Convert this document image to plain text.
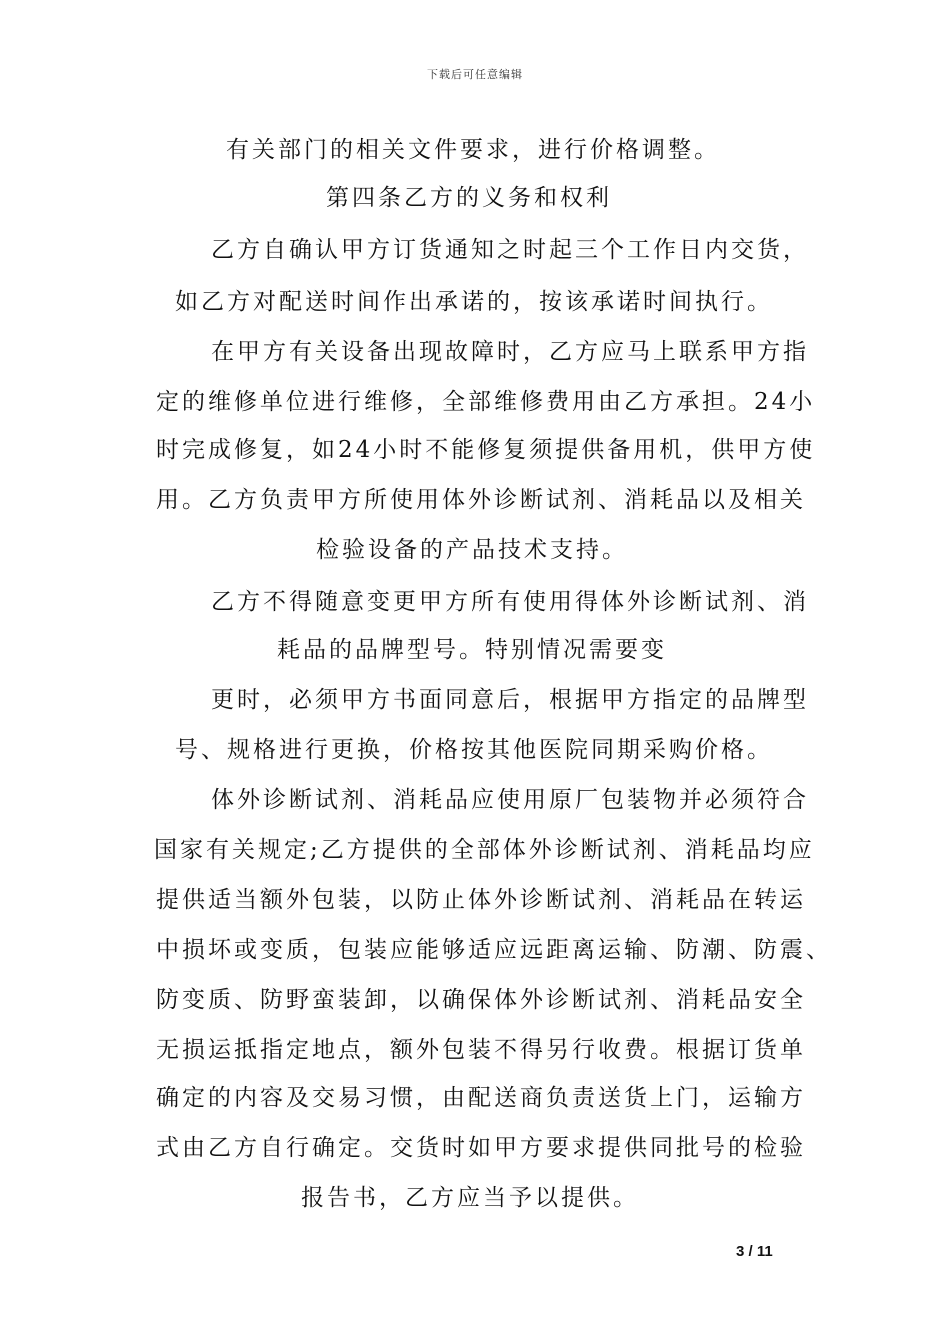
下载后可任意编辑
有关部门的相关文件要求，进行价格调整。
第四条乙方的义务和权利
乙方自确认甲方订货通知之时起三个工作日内交货，
如乙方对配送时间作出承诺的，按该承诺时间执行。
在甲方有关设备出现故障时，乙方应马上联系甲方指
定的维修单位进行维修，全部维修费用由乙方承担。24小
时完成修复，如24小时不能修复须提供备用机，供甲方使
用。乙方负责甲方所使用体外诊断试剂、消耗品以及相关
检验设备的产品技术支持。
乙方不得随意变更甲方所有使用得体外诊断试剂、消
耗品的品牌型号。特别情况需要变
更时，必须甲方书面同意后，根据甲方指定的品牌型
号、规格进行更换，价格按其他医院同期采购价格。
体外诊断试剂、消耗品应使用原厂包装物并必须符合
国家有关规定;乙方提供的全部体外诊断试剂、消耗品均应
提供适当额外包装，以防止体外诊断试剂、消耗品在转运
中损坏或变质，包装应能够适应远距离运输、防潮、防震、
防变质、防野蛮装卸，以确保体外诊断试剂、消耗品安全
无损运抵指定地点，额外包装不得另行收费。根据订货单
确定的内容及交易习惯，由配送商负责送货上门，运输方
式由乙方自行确定。交货时如甲方要求提供同批号的检验
报告书，乙方应当予以提供。
3 / 11
